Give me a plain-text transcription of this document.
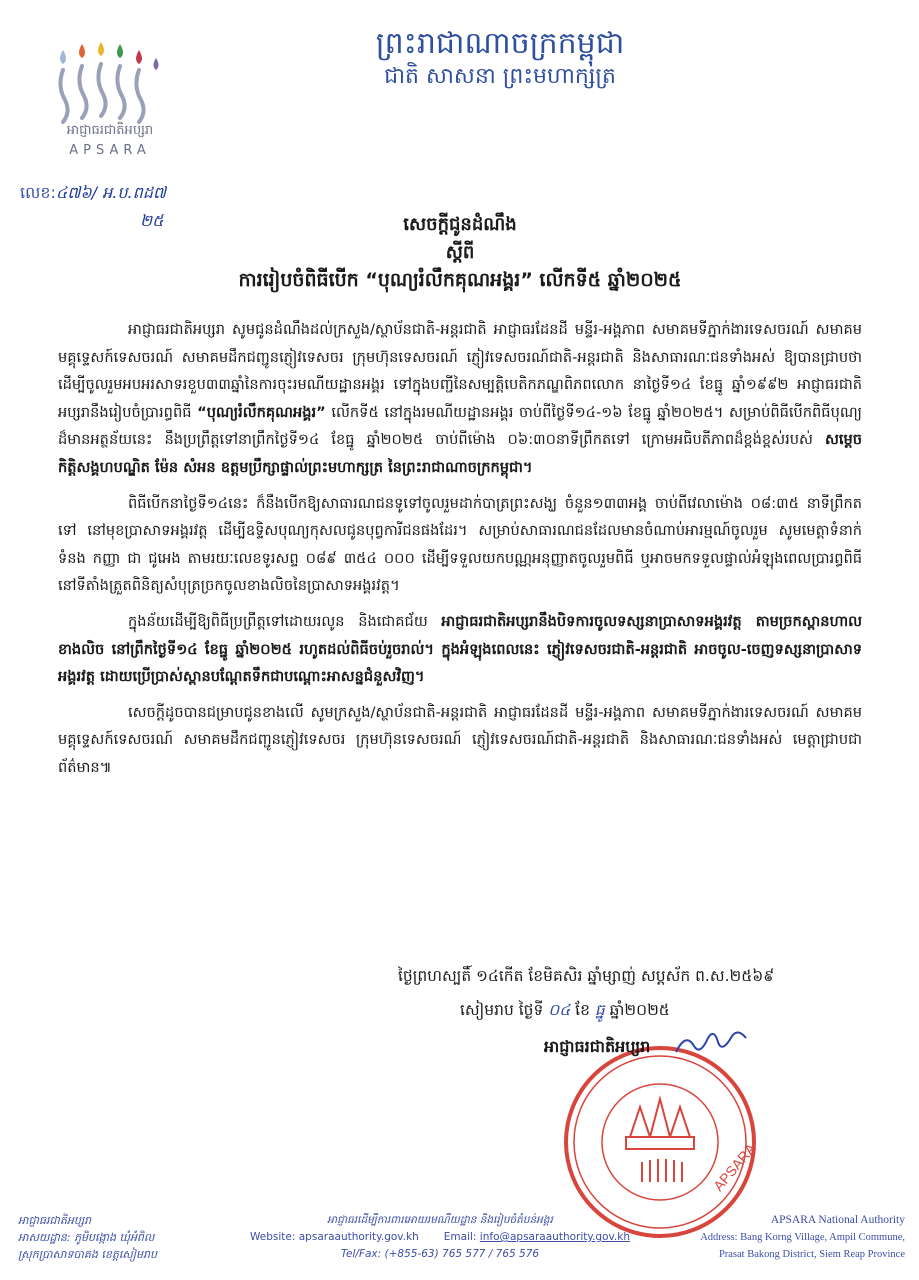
អាជ្ញាធរជាតិអប្សរា
APSARA
ព្រះរាជាណាចក្រកម្ពុជា
ជាតិ សាសនា ព្រះមហាក្សត្រ
លេខ:៤៧៦/ អ.ប.ពដ៧
២៥	សេចក្តីជូនដំណឹង
ស្តីពី
ការរៀបចំពិធីបើក “បុណ្យរំលឹកគុណអង្គរ” លើកទី៥ ឆ្នាំ២០២៥

អាជ្ញាធរជាតិអប្សរា សូមជូនដំណឹងដល់ក្រសួង/ស្ថាប័នជាតិ-អន្តរជាតិ អាជ្ញាធរដែនដី មន្ទីរ-អង្គភាព សមាគមទីភ្នាក់ងារទេសចរណ៍ សមាគមមគ្គុទ្ទេសក៍ទេសចរណ៍ សមាគមដឹកជញ្ជូនភ្ញៀវទេសចរ ក្រុមហ៊ុនទេសចរណ៍ ភ្ញៀវទេសចរណ៍ជាតិ-អន្តរជាតិ និងសាធារណៈជនទាំងអស់ ឱ្យបានជ្រាបថា ដើម្បីចូលរួមអបអរសាទរខួប៣៣ឆ្នាំនៃការចុះរមណីយដ្ឋានអង្គរ ទៅក្នុងបញ្ជីនៃសម្បត្តិបេតិកភណ្ឌពិភពលោក នាថ្ងៃទី១៤ ខែធ្នូ ឆ្នាំ១៩៩២ អាជ្ញាធរជាតិអប្សរានឹងរៀបចំប្រារព្ធពិធី “បុណ្យរំលឹកគុណអង្គរ” លើកទី៥ នៅក្នុងរមណីយដ្ឋានអង្គរ ចាប់ពីថ្ងៃទី១៤-១៦ ខែធ្នូ ឆ្នាំ២០២៥។ សម្រាប់ពិធីបើកពិធីបុណ្យដ៏មានអត្ថន័យនេះ នឹងប្រព្រឹត្តទៅនាព្រឹកថ្ងៃទី១៤ ខែធ្នូ ឆ្នាំ២០២៥ ចាប់ពីម៉ោង ០៦:៣០នាទីព្រឹកតទៅ ក្រោមអធិបតីភាពដ៏ខ្ពង់ខ្ពស់របស់ សម្តេចកិត្តិសង្គហបណ្ឌិត ម៉ែន សំអន ឧត្តមប្រឹក្សាផ្ទាល់ព្រះមហាក្សត្រ នៃព្រះរាជាណាចក្រកម្ពុជា។

ពិធីបើកនាថ្ងៃទី១៤នេះ ក៏នឹងបើកឱ្យសាធារណជនទូទៅចូលរួមដាក់បាត្រព្រះសង្ឃ ចំនួន១៣៣អង្គ ចាប់ពីវេលាម៉ោង ០៨:៣៥ នាទីព្រឹកតទៅ នៅមុខប្រាសាទអង្គរវត្ត ដើម្បីឧទ្ទិសបុណ្យកុសលជូនបុព្វការីជនផងដែរ។ សម្រាប់សាធារណជនដែលមានចំណាប់អារម្មណ៍ចូលរួម សូមមេត្តាទំនាក់ទំនង កញ្ញា ជា ជូអេង តាមរយៈលេខទូរសព្ទ ០៨៩ ៣៥៤ ០០០ ដើម្បីទទួលយកបណ្ណអនុញ្ញាតចូលរួមពិធី ឬអាចមកទទួលផ្ទាល់អំឡុងពេលប្រារព្ធពិធី នៅទីតាំងត្រួតពិនិត្យសំបុត្រច្រកចូលខាងលិចនៃប្រាសាទអង្គរវត្ត។

ក្នុងន័យដើម្បីឱ្យពិធីប្រព្រឹត្តទៅដោយរលូន និងជោគជ័យ អាជ្ញាធរជាតិអប្សរានឹងបិទការចូលទស្សនាប្រាសាទអង្គរវត្ត តាមច្រកស្ពានហាលខាងលិច នៅព្រឹកថ្ងៃទី១៤ ខែធ្នូ ឆ្នាំ២០២៥ រហូតដល់ពិធីចប់រួចរាល់។ ក្នុងអំឡុងពេលនេះ ភ្ញៀវទេសចរជាតិ-អន្តរជាតិ អាចចូល-ចេញទស្សនាប្រាសាទអង្គរវត្ត ដោយប្រើប្រាស់ស្ពានបណ្តែតទឹកជាបណ្តោះអាសន្នជំនួសវិញ។

សេចក្តីដូចបានជម្រាបជូនខាងលើ សូមក្រសួង/ស្ថាប័នជាតិ-អន្តរជាតិ អាជ្ញាធរដែនដី មន្ទីរ-អង្គភាព សមាគមទីភ្នាក់ងារទេសចរណ៍ សមាគមមគ្គុទ្ទេសក៍ទេសចរណ៍ សមាគមដឹកជញ្ជូនភ្ញៀវទេសចរ ក្រុមហ៊ុនទេសចរណ៍ ភ្ញៀវទេសចរណ៍ជាតិ-អន្តរជាតិ និងសាធារណៈជនទាំងអស់ មេត្តាជ្រាបជាព័ត៌មាន៕

ថ្ងៃព្រហស្បតិ៍ ១៤កើត ខែមិគសិរ ឆ្នាំម្សាញ់ សប្តស័ក ព.ស.២៥៦៩
សៀមរាប ថ្ងៃទី ០៤ ខែ ធ្នូ ឆ្នាំ២០២៥
APSARA
អាជ្ញាធរជាតិអប្សរា
អាជ្ញាធរជាតិអប្សរា
អាសយដ្ឋាន: ភូមិបង្កោង ឃុំអំពិល
ស្រុកប្រាសាទបាគង ខេត្តសៀមរាប
អាជ្ញាធរដើម្បីការពារអោយរមណីយដ្ឋាន និងរៀបចំតំបន់អង្គរ
Website: apsaraauthority.gov.kh Email: info@apsaraauthority.gov.kh
Tel/Fax: (+855-63) 765 577 / 765 576
APSARA National Authority
Address: Bang Korng Village, Ampil Commune,
Prasat Bakong District, Siem Reap Province
